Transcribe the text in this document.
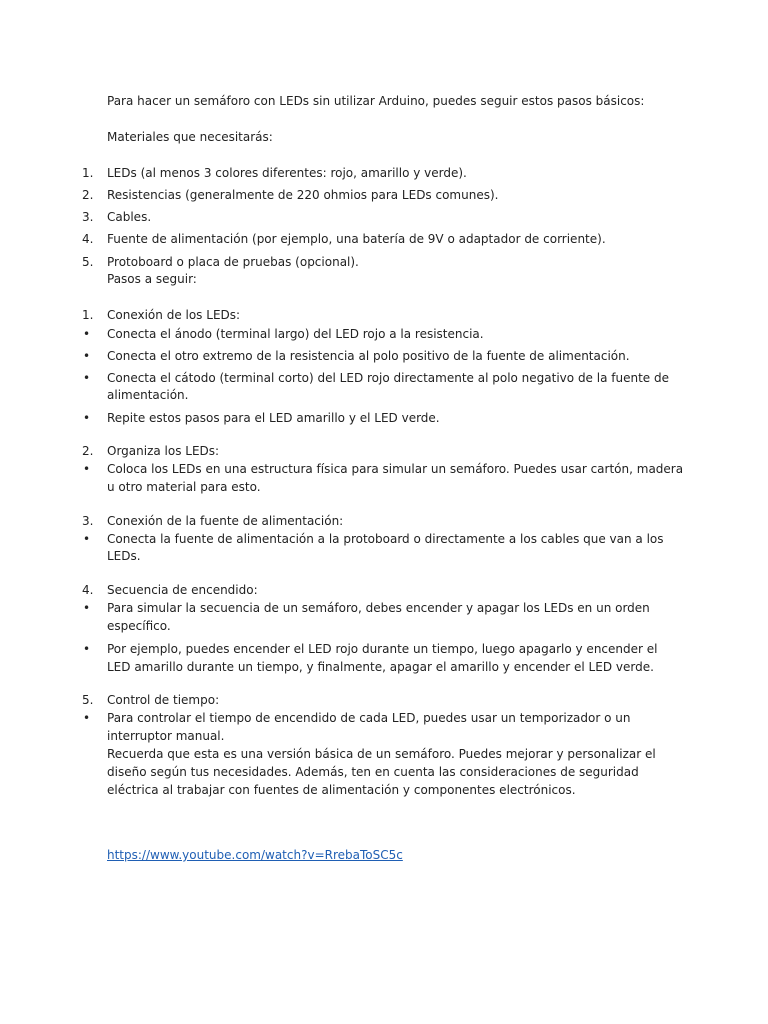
Para hacer un semáforo con LEDs sin utilizar Arduino, puedes seguir estos pasos básicos:
Materiales que necesitarás:
1. LEDs (al menos 3 colores diferentes: rojo, amarillo y verde).
2. Resistencias (generalmente de 220 ohmios para LEDs comunes).
3. Cables.
4. Fuente de alimentación (por ejemplo, una batería de 9V o adaptador de corriente).
5. Protoboard o placa de pruebas (opcional).
Pasos a seguir:
1. Conexión de los LEDs:
• Conecta el ánodo (terminal largo) del LED rojo a la resistencia.
• Conecta el otro extremo de la resistencia al polo positivo de la fuente de alimentación.
• Conecta el cátodo (terminal corto) del LED rojo directamente al polo negativo de la fuente de
alimentación.
• Repite estos pasos para el LED amarillo y el LED verde.
2. Organiza los LEDs:
• Coloca los LEDs en una estructura física para simular un semáforo. Puedes usar cartón, madera
u otro material para esto.
3. Conexión de la fuente de alimentación:
• Conecta la fuente de alimentación a la protoboard o directamente a los cables que van a los
LEDs.
4. Secuencia de encendido:
• Para simular la secuencia de un semáforo, debes encender y apagar los LEDs en un orden
específico.
• Por ejemplo, puedes encender el LED rojo durante un tiempo, luego apagarlo y encender el
LED amarillo durante un tiempo, y finalmente, apagar el amarillo y encender el LED verde.
5. Control de tiempo:
• Para controlar el tiempo de encendido de cada LED, puedes usar un temporizador o un
interruptor manual.
Recuerda que esta es una versión básica de un semáforo. Puedes mejorar y personalizar el
diseño según tus necesidades. Además, ten en cuenta las consideraciones de seguridad
eléctrica al trabajar con fuentes de alimentación y componentes electrónicos.
https://www.youtube.com/watch?v=RrebaToSC5c
